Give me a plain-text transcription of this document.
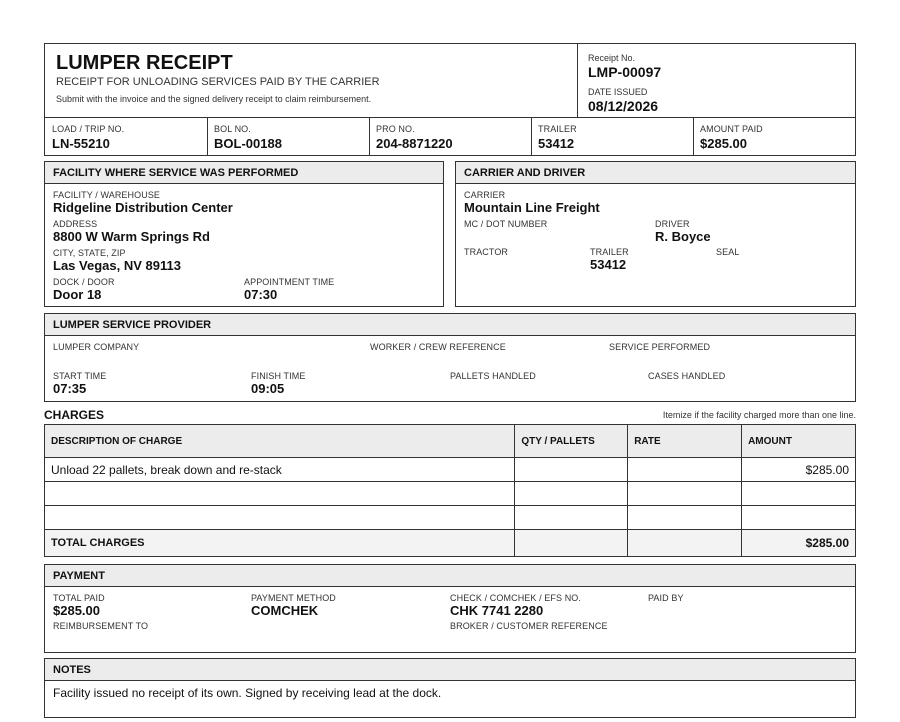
LUMPER RECEIPT
RECEIPT FOR UNLOADING SERVICES PAID BY THE CARRIER
Submit with the invoice and the signed delivery receipt to claim reimbursement.
Receipt No.
LMP-00097
DATE ISSUED
08/12/2026
LOAD / TRIP NO.
LN-55210
BOL NO.
BOL-00188
PRO NO.
204-8871220
TRAILER
53412
AMOUNT PAID
$285.00
FACILITY WHERE SERVICE WAS PERFORMED
FACILITY / WAREHOUSE
Ridgeline Distribution Center
ADDRESS
8800 W Warm Springs Rd
CITY, STATE, ZIP
Las Vegas, NV 89113
DOCK / DOOR
Door 18
APPOINTMENT TIME
07:30
CARRIER AND DRIVER
CARRIER
Mountain Line Freight
MC / DOT NUMBER	DRIVER
R. Boyce
TRACTOR	TRAILER
53412
SEAL
LUMPER SERVICE PROVIDER
LUMPER COMPANY	WORKER / CREW REFERENCE	SERVICE PERFORMED
START TIME
07:35
FINISH TIME
09:05
PALLETS HANDLED	CASES HANDLED
CHARGES	Itemize if the facility charged more than one line.
DESCRIPTION OF CHARGE	QTY / PALLETS	RATE	AMOUNT
Unload 22 pallets, break down and re-stack			$285.00

TOTAL CHARGES			$285.00
PAYMENT
TOTAL PAID
$285.00
PAYMENT METHOD
COMCHEK
CHECK / COMCHEK / EFS NO.
CHK 7741 2280
PAID BY
REIMBURSEMENT TO	BROKER / CUSTOMER REFERENCE
NOTES
Facility issued no receipt of its own. Signed by receiving lead at the dock.
